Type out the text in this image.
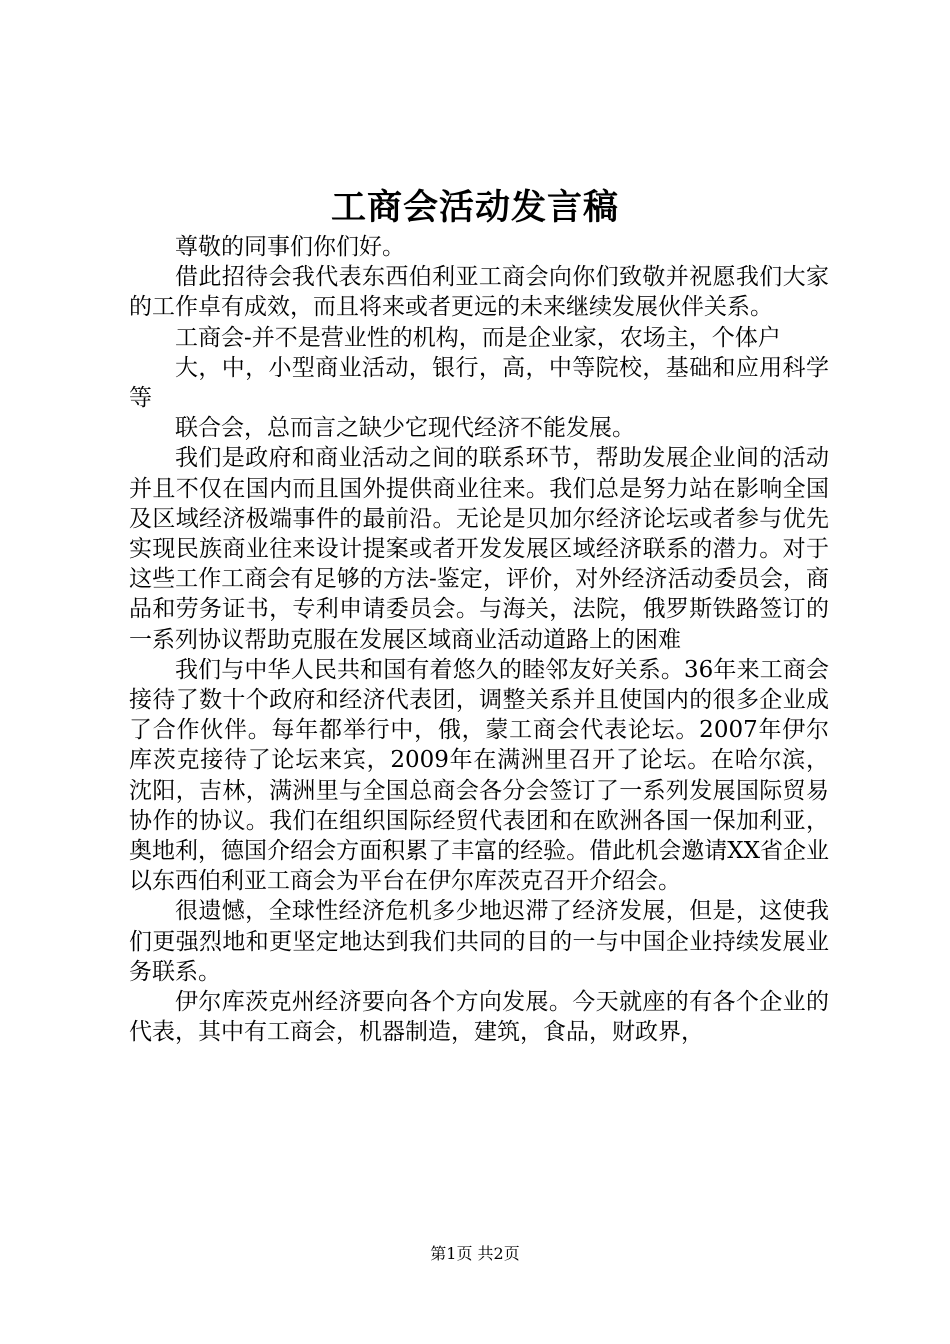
工商会活动发言稿

尊敬的同事们你们好。

借此招待会我代表东西伯利亚工商会向你们致敬并祝愿我们大家的工作卓有成效，而且将来或者更远的未来继续发展伙伴关系。

工商会-并不是营业性的机构，而是企业家，农场主，个体户

大，中，小型商业活动，银行，高，中等院校，基础和应用科学等

联合会，总而言之缺少它现代经济不能发展。

我们是政府和商业活动之间的联系环节，帮助发展企业间的活动并且不仅在国内而且国外提供商业往来。我们总是努力站在影响全国及区域经济极端事件的最前沿。无论是贝加尔经济论坛或者参与优先实现民族商业往来设计提案或者开发发展区域经济联系的潜力。对于这些工作工商会有足够的方法-鉴定，评价，对外经济活动委员会，商品和劳务证书，专利申请委员会。与海关，法院，俄罗斯铁路签订的一系列协议帮助克服在发展区域商业活动道路上的困难

我们与中华人民共和国有着悠久的睦邻友好关系。36年来工商会接待了数十个政府和经济代表团，调整关系并且使国内的很多企业成了合作伙伴。每年都举行中，俄，蒙工商会代表论坛。2007年伊尔库茨克接待了论坛来宾，2009年在满洲里召开了论坛。在哈尔滨，沈阳，吉林，满洲里与全国总商会各分会签订了一系列发展国际贸易协作的协议。我们在组织国际经贸代表团和在欧洲各国一保加利亚，奥地利，德国介绍会方面积累了丰富的经验。借此机会邀请XX省企业以东西伯利亚工商会为平台在伊尔库茨克召开介绍会。

很遗憾，全球性经济危机多少地迟滞了经济发展，但是，这使我们更强烈地和更坚定地达到我们共同的目的一与中国企业持续发展业务联系。

伊尔库茨克州经济要向各个方向发展。今天就座的有各个企业的代表，其中有工商会，机器制造，建筑，食品，财政界，

第1页 共2页
